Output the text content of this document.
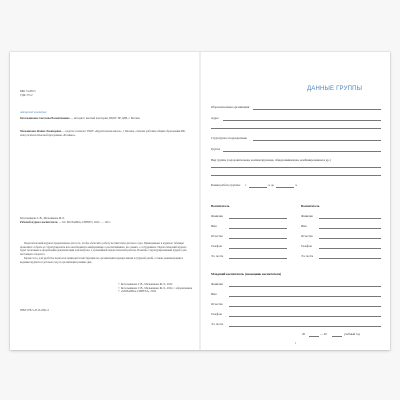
ББК 74.200.5
УДК 373.2
Авторский коллектив:
Котельникова Светлана Валентиновна — методист, высшей категории, ПКОУ ЛР ДЛВ, г. Москва
Мельникова Жанна Леонидовна — педагог-психолог ГБОУ «Курчатовская школа», г. Москва, отмечен рабочим общим образования РФ, автор психологической программы «Росинка».
Котельникова С.В., Мельникова Ж.Л.
Рабочий журнал воспитателя. — М.: МОЗАИКА-СИНТЕЗ, 2022. — 120 с.

Педагогический журнал предназначен для того, чтобы облегчить работу воспитателя детского сада. Приведенные в журнале таблицы позволяют собрать и структурировать всю необходимую информацию о воспитанниках, их семьях, о сотрудниках. Педагогический журнал будет полезным в оформлении документации для выпуска, а дальнейшей педагогической работы. Понятно структурированный журнал для настоящего педагога.

Кроме того, для удобства педагогов приводятся инструкции по организации порядка жизни и трудной детей, а также рекомендации в ведении журнала в детском саду и организации режима дня.

© Котельникова С.В., Мельникова Ж.Л., 2022
© Котельникова С.В., Мельникова Ж.Л., 2022, с оформлением
© «МОЗАИКА-СИНТЕЗ», 2022
ISBN 978-5-4315-2661-5
ДАННЫЕ ГРУППЫ
Образовательная организация
Адрес
Структурное подразделение
Группа
Вид группы (оздоровительная, компенсирующая, общеразвивающая, комбинированная и др.)
Режим работы группы: с	ч. до	ч.
Воспитатель	Воспитатель
Фамилия	Фамилия
Имя	Имя
Отчество	Отчество
Телефон	Телефон
Эл. почта	Эл. почта
Младший воспитатель (помощник воспитателя)
Фамилия
Имя
Отчество
Телефон
Эл. почта
20	— 20	учебный год
1
